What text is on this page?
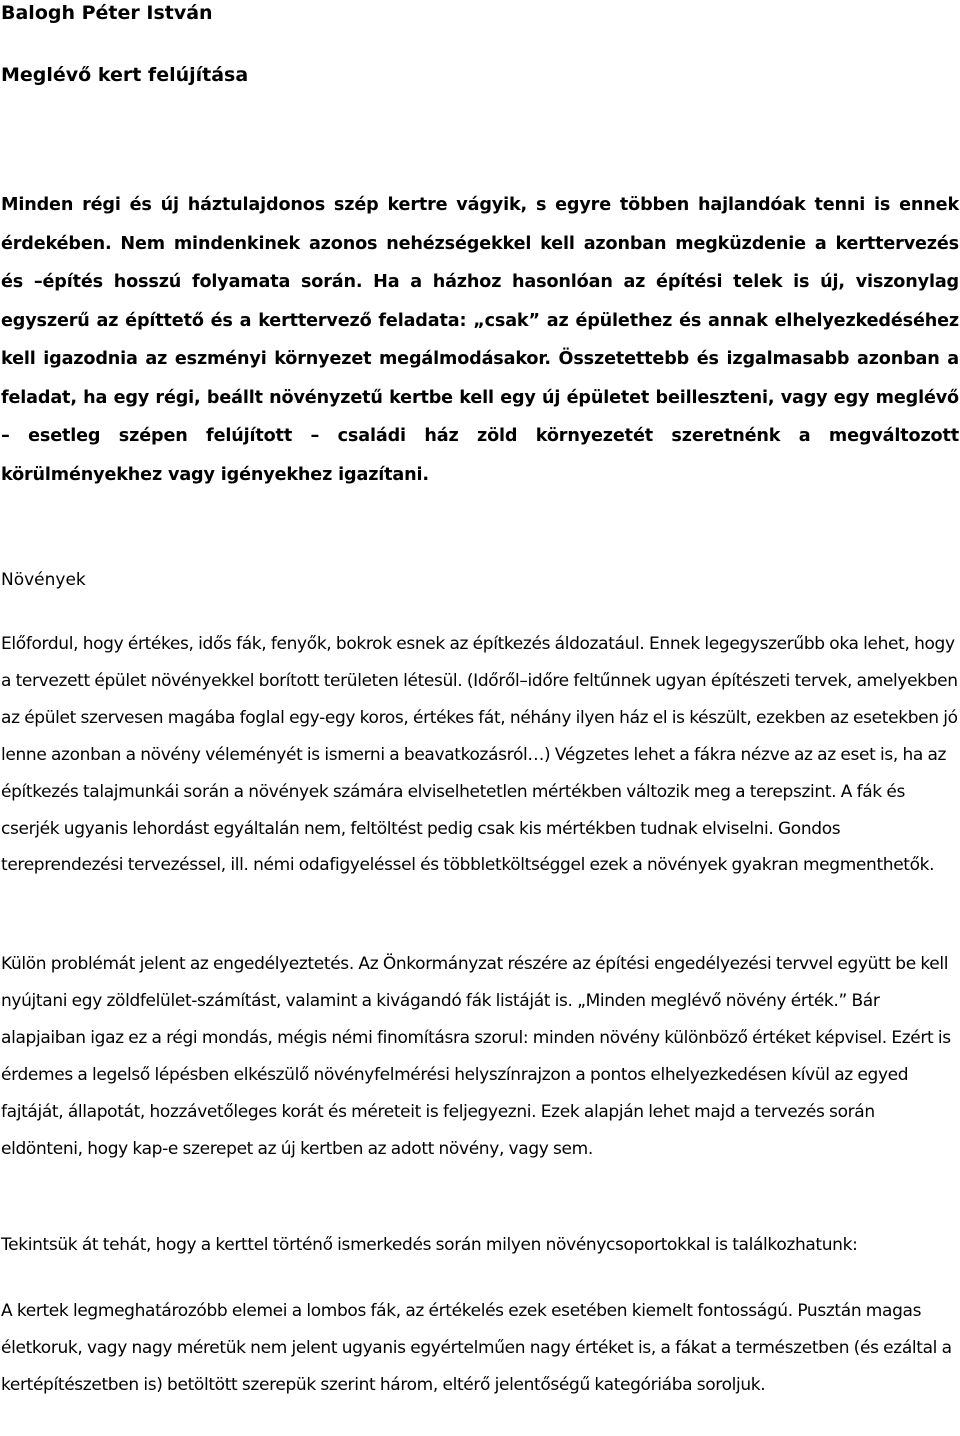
Balogh Péter István
Meglévő kert felújítása

Minden régi és új háztulajdonos szép kertre vágyik, s egyre többen hajlandóak tenni is ennek érdekében. Nem mindenkinek azonos nehézségekkel kell azonban megküzdenie a kerttervezés és –építés hosszú folyamata során. Ha a házhoz hasonlóan az építési telek is új, viszonylag egyszerű az építtető és a kerttervező feladata: „csak” az épülethez és annak elhelyezkedéséhez kell igazodnia az eszményi környezet megálmodásakor. Összetettebb és izgalmasabb azonban a feladat, ha egy régi, beállt növényzetű kertbe kell egy új épületet beilleszteni, vagy egy meglévő – esetleg szépen felújított – családi ház zöld környezetét szeretnénk a megváltozott körülményekhez vagy igényekhez igazítani.

Növények

Előfordul, hogy értékes, idős fák, fenyők, bokrok esnek az építkezés áldozatául. Ennek legegyszerűbb oka lehet, hogy a tervezett épület növényekkel borított területen létesül. (Időről–időre feltűnnek ugyan építészeti tervek, amelyekben az épület szervesen magába foglal egy-egy koros, értékes fát, néhány ilyen ház el is készült, ezekben az esetekben jó lenne azonban a növény véleményét is ismerni a beavatkozásról…) Végzetes lehet a fákra nézve az az eset is, ha az építkezés talajmunkái során a növények számára elviselhetetlen mértékben változik meg a terepszint. A fák és cserjék ugyanis lehordást egyáltalán nem, feltöltést pedig csak kis mértékben tudnak elviselni. Gondos tereprendezési tervezéssel, ill. némi odafigyeléssel és többletköltséggel ezek a növények gyakran megmenthetők.

Külön problémát jelent az engedélyeztetés. Az Önkormányzat részére az építési engedélyezési tervvel együtt be kell nyújtani egy zöldfelület-számítást, valamint a kivágandó fák listáját is. „Minden meglévő növény érték.” Bár alapjaiban igaz ez a régi mondás, mégis némi finomításra szorul: minden növény különböző értéket képvisel. Ezért is érdemes a legelső lépésben elkészülő növényfelmérési helyszínrajzon a pontos elhelyezkedésen kívül az egyed fajtáját, állapotát, hozzávetőleges korát és méreteit is feljegyezni. Ezek alapján lehet majd a tervezés során eldönteni, hogy kap-e szerepet az új kertben az adott növény, vagy sem.

Tekintsük át tehát, hogy a kerttel történő ismerkedés során milyen növénycsoportokkal is találkozhatunk:

A kertek legmeghatározóbb elemei a lombos fák, az értékelés ezek esetében kiemelt fontosságú. Pusztán magas életkoruk, vagy nagy méretük nem jelent ugyanis egyértelműen nagy értéket is, a fákat a természetben (és ezáltal a kertépítészetben is) betöltött szerepük szerint három, eltérő jelentőségű kategóriába soroljuk.
